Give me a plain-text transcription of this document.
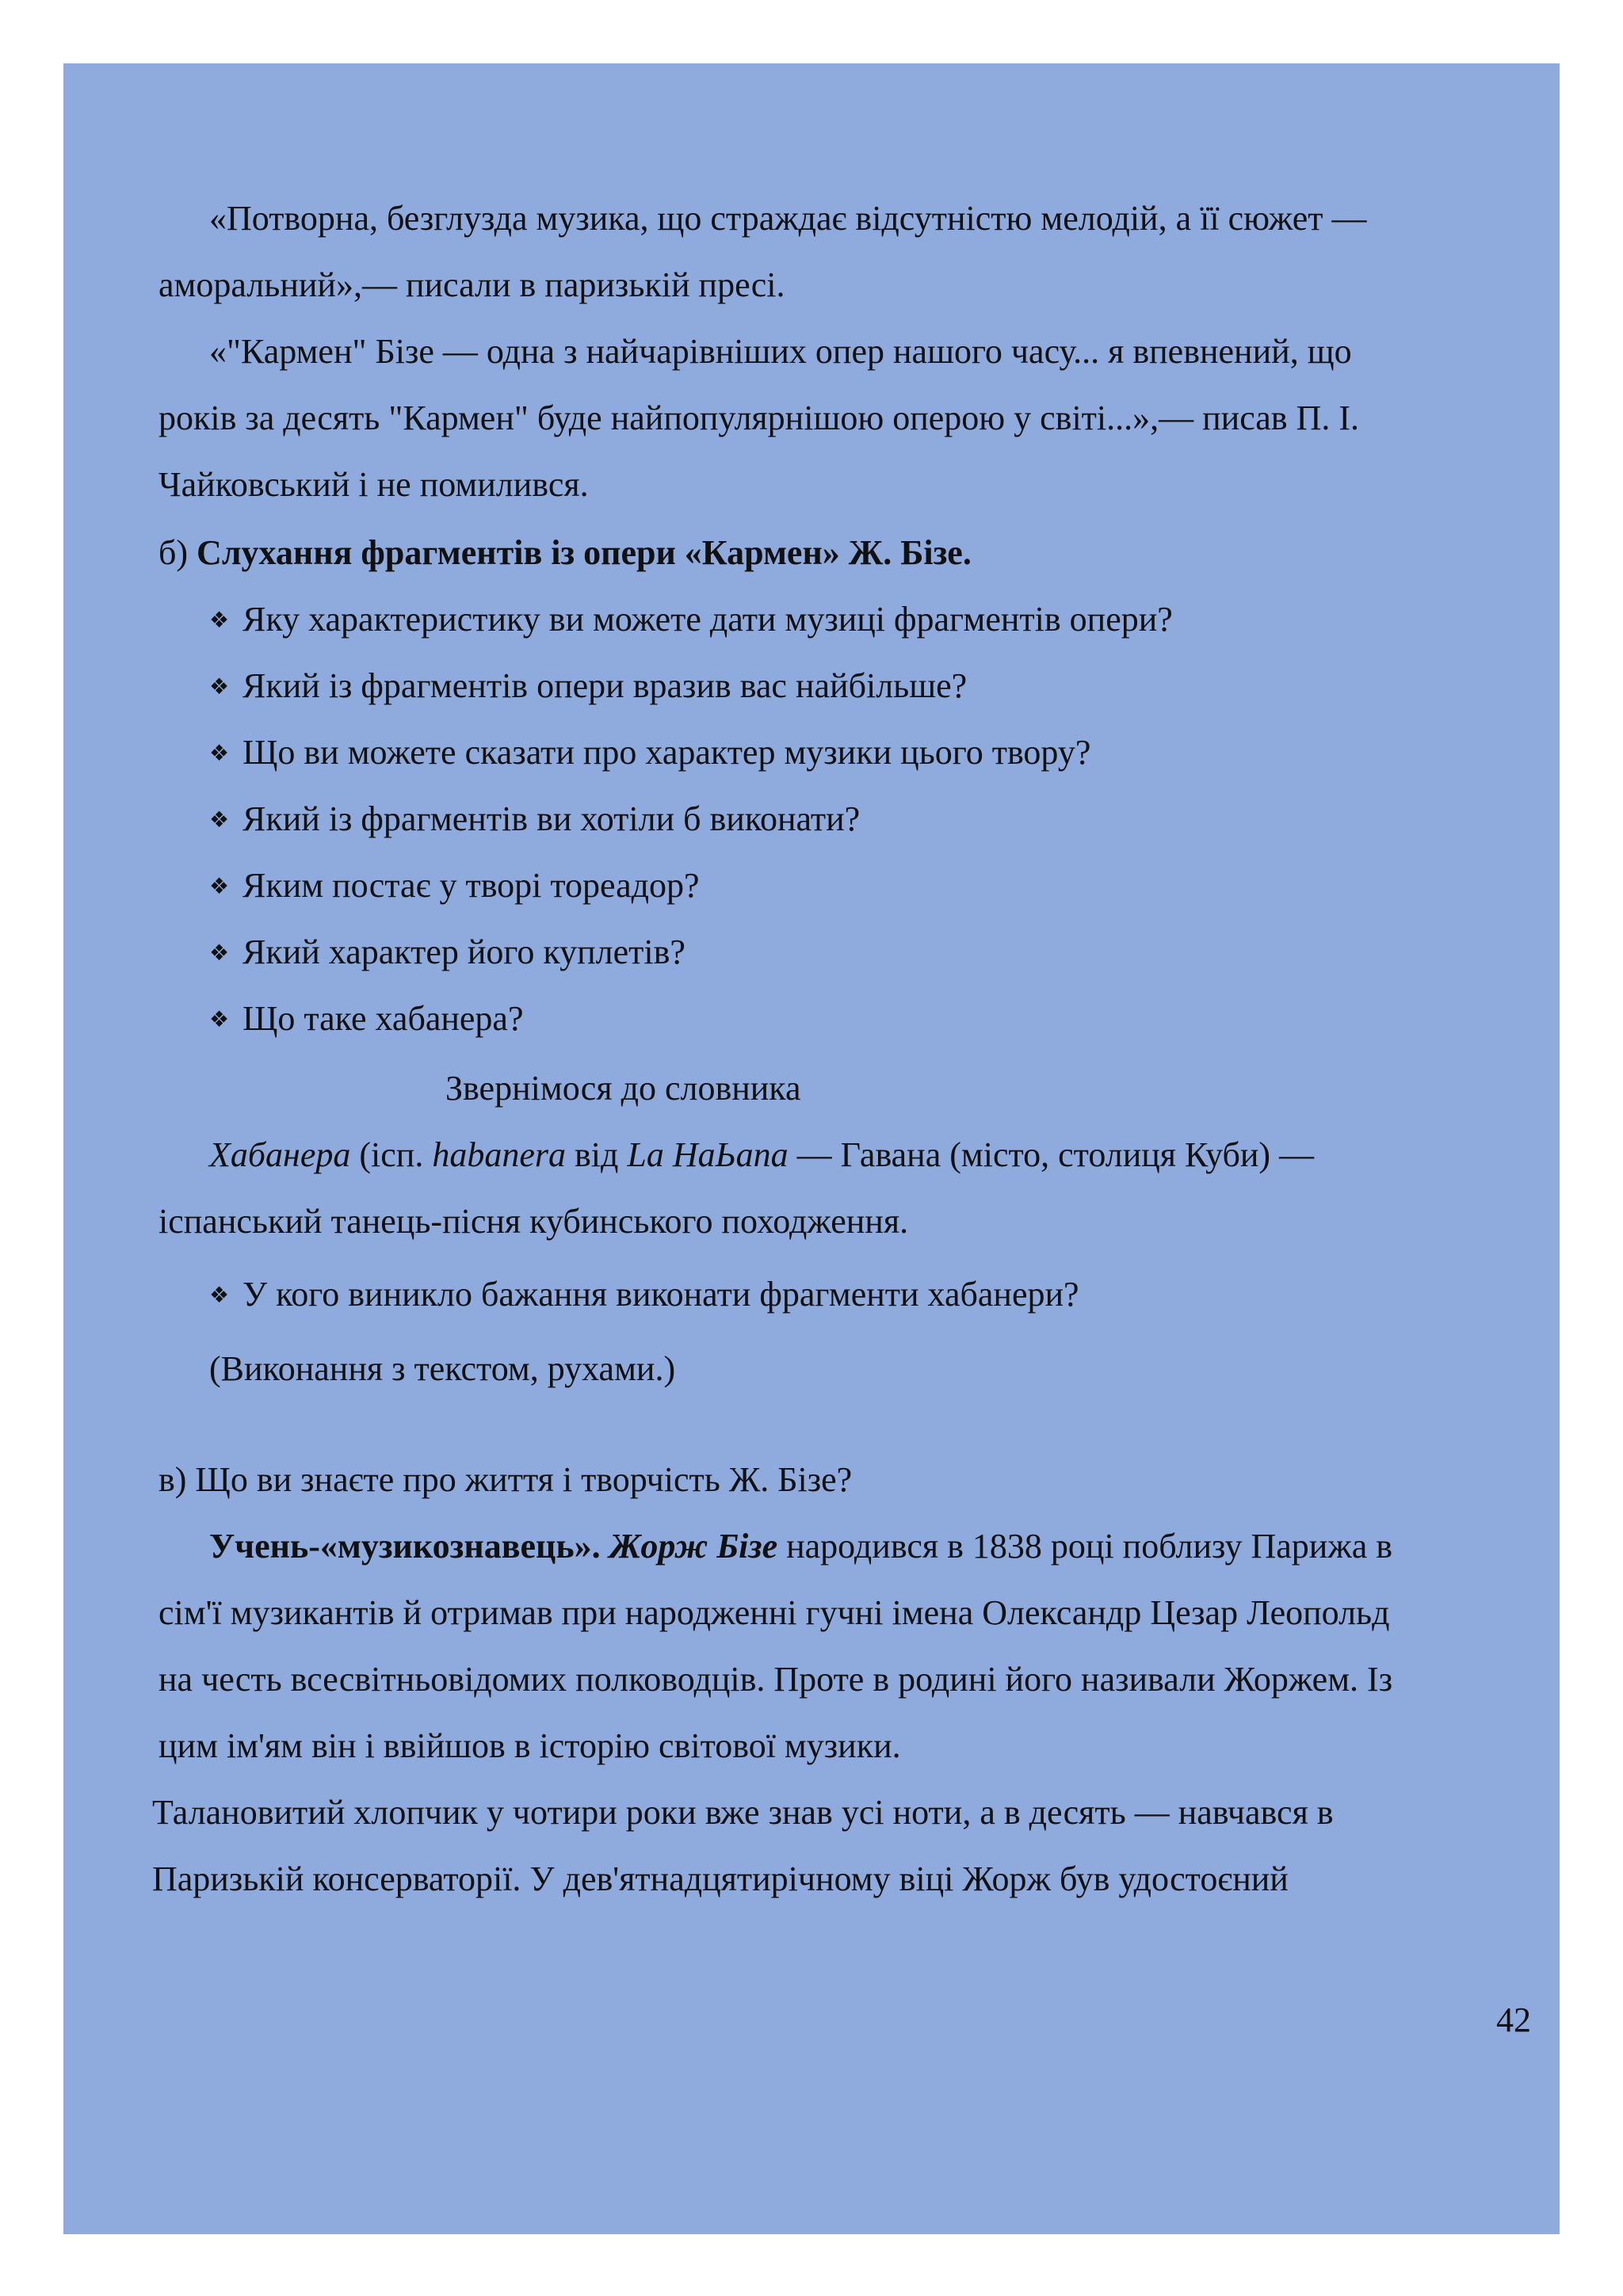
«Потворна, безглузда музика, що страждає відсутністю мелодій, а її сюжет —

аморальний»,— писали в паризькій пресі.

«"Кармен" Бізе — одна з найчарівніших опер нашого часу... я впевнений, що

років за десять "Кармен" буде найпопулярнішою оперою у світі...»,— писав П. І.

Чайковський і не помилився.

б) Слухання фрагментів із опери «Кармен» Ж. Бізе.

❖ Яку характеристику ви можете дати музиці фрагментів опери?

❖ Який із фрагментів опери вразив вас найбільше?

❖ Що ви можете сказати про характер музики цього твору?

❖ Який із фрагментів ви хотіли б виконати?

❖ Яким постає у творі тореадор?

❖ Який характер його куплетів?

❖ Що таке хабанера?

Звернімося до словника

Хабанера (ісп. habanera від La HaЬana — Гавана (місто, столиця Куби) —

іспанський танець-пісня кубинського походження.

❖ У кого виникло бажання виконати фрагменти хабанери?

(Виконання з текстом, рухами.)

в) Що ви знаєте про життя і творчість Ж. Бізе?

Учень-«музикознавець». Жорж Бізе народився в 1838 році поблизу Парижа в

сім'ї музикантів й отримав при народженні гучні імена Олександр Цезар Леопольд

на честь всесвітньовідомих полководців. Проте в родині його називали Жоржем. Із

цим ім'ям він і ввійшов в історію світової музики.

Талановитий хлопчик у чотири роки вже знав усі ноти, а в десять — навчався в

Паризькій консерваторії. У дев'ятнадцятирічному віці Жорж був удостоєний

42
